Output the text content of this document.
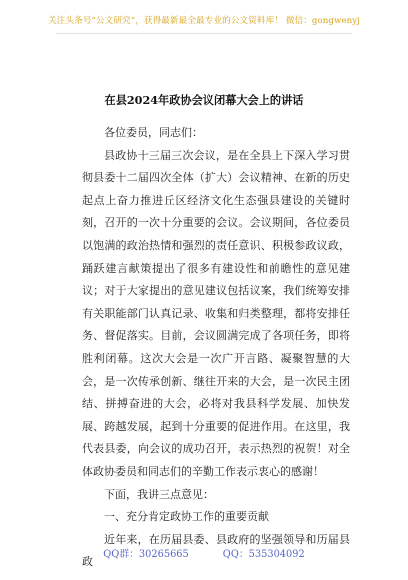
关注头条号“公文研究”，获得最新最全最专业的公文资料库！ 微信：gongwenyj
在县2024年政协会议闭幕大会上的讲话

各位委员，同志们：

县政协十三届三次会议，是在全县上下深入学习贯彻县委十二届四次全体（扩大）会议精神、在新的历史起点上奋力推进丘区经济文化生态强县建设的关键时刻，召开的一次十分重要的会议。会议期间，各位委员以饱满的政治热情和强烈的责任意识、积极参政议政，踊跃建言献策提出了很多有建设性和前瞻性的意见建议；对于大家提出的意见建议包括议案，我们统筹安排有关职能部门认真记录、收集和归类整理，都将安排任务、督促落实。目前，会议圆满完成了各项任务，即将胜利闭幕。这次大会是一次广开言路、凝聚智慧的大会，是一次传承创新、继往开来的大会，是一次民主团结、拼搏奋进的大会，必将对我县科学发展、加快发展、跨越发展，起到十分重要的促进作用。在这里，我代表县委，向会议的成功召开，表示热烈的祝贺！对全体政协委员和同志们的辛勤工作表示衷心的感谢！

下面，我讲三点意见：

一、充分肯定政协工作的重要贡献

近年来，在历届县委、县政府的坚强领导和历届县政

QQ群：30265665	QQ：535304092
